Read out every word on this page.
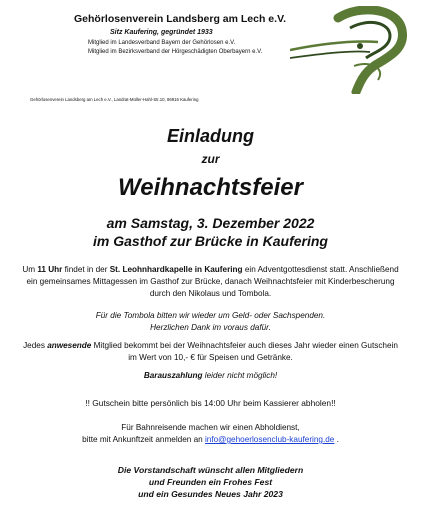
Gehörlosenverein Landsberg am Lech e.V.
Sitz Kaufering, gegründet 1933
Mitglied im Landesverband Bayern der Gehörlosen e.V.
Mitglied im Bezirksverband der Hörgeschädigten Oberbayern e.V.
Gehörlosenverein Landsberg am Lech e.V., Landrat-Müller-Hahl-Str.10, 86916 Kaufering
Einladung
zur
Weihnachtsfeier
am Samstag, 3. Dezember 2022
im Gasthof zur Brücke in Kaufering
Um 11 Uhr findet in der St. Leohnhardkapelle in Kaufering ein Adventgottesdienst statt. Anschließend ein gemeinsames Mittagessen im Gasthof zur Brücke, danach Weihnachtsfeier mit Kinderbescherung durch den Nikolaus und Tombola.
Für die Tombola bitten wir wieder um Geld- oder Sachspenden.
Herzlichen Dank im voraus dafür.
Jedes anwesende Mitglied bekommt bei der Weihnachtsfeier auch dieses Jahr wieder einen Gutschein im Wert von 10,- € für Speisen und Getränke.
Barauszahlung leider nicht möglich!
!! Gutschein bitte persönlich bis 14:00 Uhr beim Kassierer abholen!!
Für Bahnreisende machen wir einen Abholdienst,
bitte mit Ankunftzeit anmelden an info@gehoerlosenclub-kaufering.de .
Die Vorstandschaft wünscht allen Mitgliedern
und Freunden ein Frohes Fest
und ein Gesundes Neues Jahr 2023
